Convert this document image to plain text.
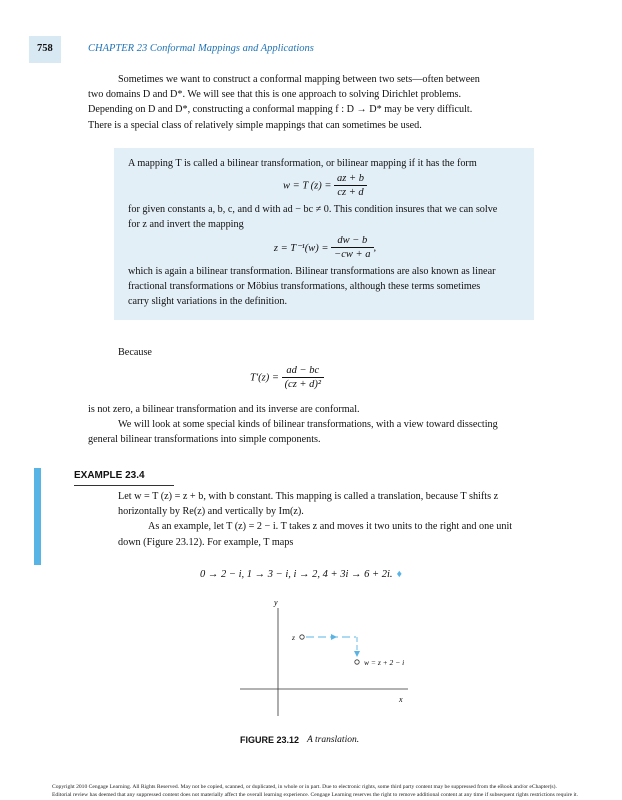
758	CHAPTER 23 Conformal Mappings and Applications

Sometimes we want to construct a conformal mapping between two sets—often between

two domains D and D*. We will see that this is one approach to solving Dirichlet problems.

Depending on D and D*, constructing a conformal mapping f : D → D* may be very difficult.

There is a special class of relatively simple mappings that can sometimes be used.

A mapping T is called a bilinear transformation, or bilinear mapping if it has the form

w = T $(z) = \frac{az + b}{cz + d}$

for given constants a, b, c, and d with ad − bc ≠ 0. This condition insures that we can solve

for z and invert the mapping

$z = T^{-1}(w) = \frac{dw - b}{-cw + a}$ ,

which is again a bilinear transformation. Bilinear transformations are also known as linear

fractional transformations or Möbius transformations, although these terms sometimes

carry slight variations in the definition.

Because
$T'(z) = \frac{ad - bc}{\text{(cz + d)²}}$

is not zero, a bilinear transformation and its inverse are conformal.

We will look at some special kinds of bilinear transformations, with a view toward dissecting

general bilinear transformations into simple components.

EXAMPLE 23.4

Let w = T (z) = z + b, with b constant. This mapping is called a translation, because T shifts z

horizontally by Re(z) and vertically by Im(z).

As an example, let T (z) = 2 − i. T takes z and moves it two units to the right and one unit

down (Figure 23.12). For example, T maps

0 → 2 − i, 1 → 3 − i, i → 2, 4 + 3i → 6 + 2i. ♦
y
x
z
w = z + 2 − i
FIGURE 23.12 A translation.
Copyright 2010 Cengage Learning. All Rights Reserved. May not be copied, scanned, or duplicated, in whole or in part. Due to electronic rights, some third party content may be suppressed from the eBook and/or eChapter(s).
Editorial review has deemed that any suppressed content does not materially affect the overall learning experience. Cengage Learning reserves the right to remove additional content at any time if subsequent rights restrictions require it.
